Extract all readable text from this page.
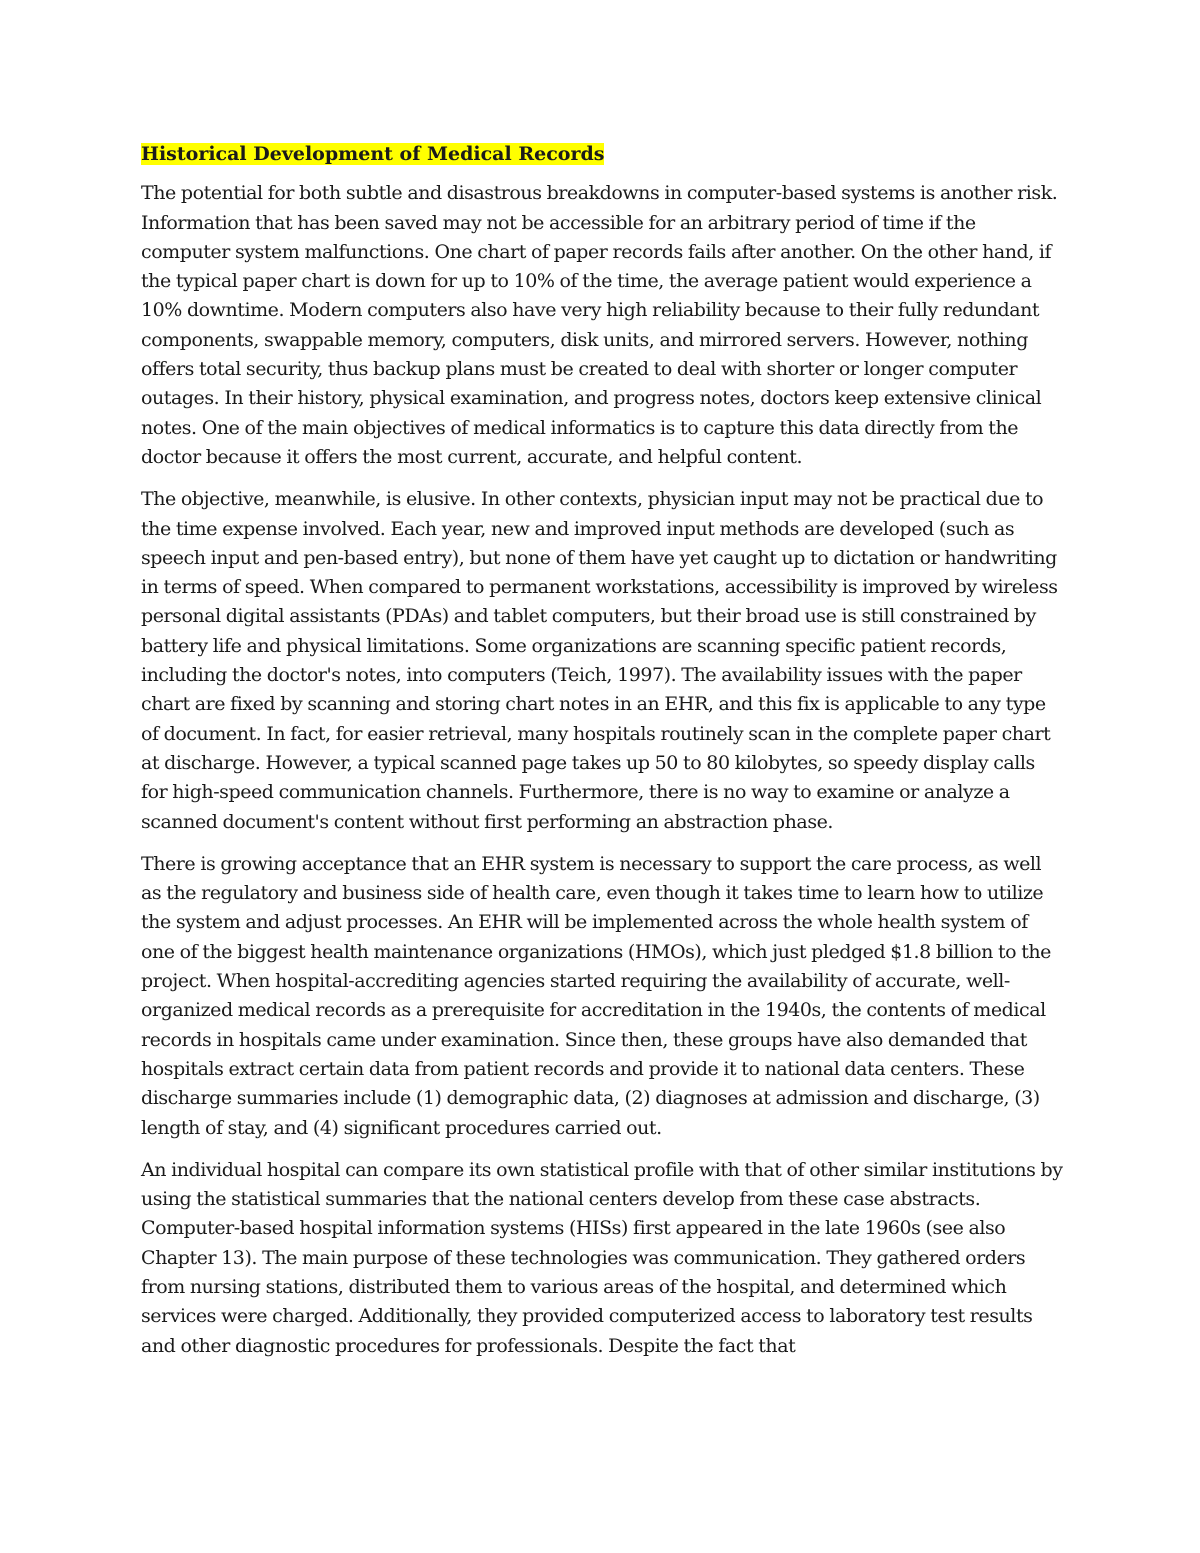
Historical Development of Medical Records

The potential for both subtle and disastrous breakdowns in computer-based systems is another risk. Information that has been saved may not be accessible for an arbitrary period of time if the computer system malfunctions. One chart of paper records fails after another. On the other hand, if the typical paper chart is down for up to 10% of the time, the average patient would experience a 10% downtime. Modern computers also have very high reliability because to their fully redundant components, swappable memory, computers, disk units, and mirrored servers. However, nothing offers total security, thus backup plans must be created to deal with shorter or longer computer outages. In their history, physical examination, and progress notes, doctors keep extensive clinical notes. One of the main objectives of medical informatics is to capture this data directly from the doctor because it offers the most current, accurate, and helpful content.

The objective, meanwhile, is elusive. In other contexts, physician input may not be practical due to the time expense involved. Each year, new and improved input methods are developed (such as speech input and pen-based entry), but none of them have yet caught up to dictation or handwriting in terms of speed. When compared to permanent workstations, accessibility is improved by wireless personal digital assistants (PDAs) and tablet computers, but their broad use is still constrained by battery life and physical limitations. Some organizations are scanning specific patient records, including the doctor's notes, into computers (Teich, 1997). The availability issues with the paper chart are fixed by scanning and storing chart notes in an EHR, and this fix is applicable to any type of document. In fact, for easier retrieval, many hospitals routinely scan in the complete paper chart at discharge. However, a typical scanned page takes up 50 to 80 kilobytes, so speedy display calls for high-speed communication channels. Furthermore, there is no way to examine or analyze a scanned document's content without first performing an abstraction phase.

There is growing acceptance that an EHR system is necessary to support the care process, as well as the regulatory and business side of health care, even though it takes time to learn how to utilize the system and adjust processes. An EHR will be implemented across the whole health system of one of the biggest health maintenance organizations (HMOs), which just pledged $1.8 billion to the project. When hospital-accrediting agencies started requiring the availability of accurate, well-organized medical records as a prerequisite for accreditation in the 1940s, the contents of medical records in hospitals came under examination. Since then, these groups have also demanded that hospitals extract certain data from patient records and provide it to national data centers. These discharge summaries include (1) demographic data, (2) diagnoses at admission and discharge, (3) length of stay, and (4) significant procedures carried out.

An individual hospital can compare its own statistical profile with that of other similar institutions by using the statistical summaries that the national centers develop from these case abstracts. Computer-based hospital information systems (HISs) first appeared in the late 1960s (see also Chapter 13). The main purpose of these technologies was communication. They gathered orders from nursing stations, distributed them to various areas of the hospital, and determined which services were charged. Additionally, they provided computerized access to laboratory test results and other diagnostic procedures for professionals. Despite the fact that
